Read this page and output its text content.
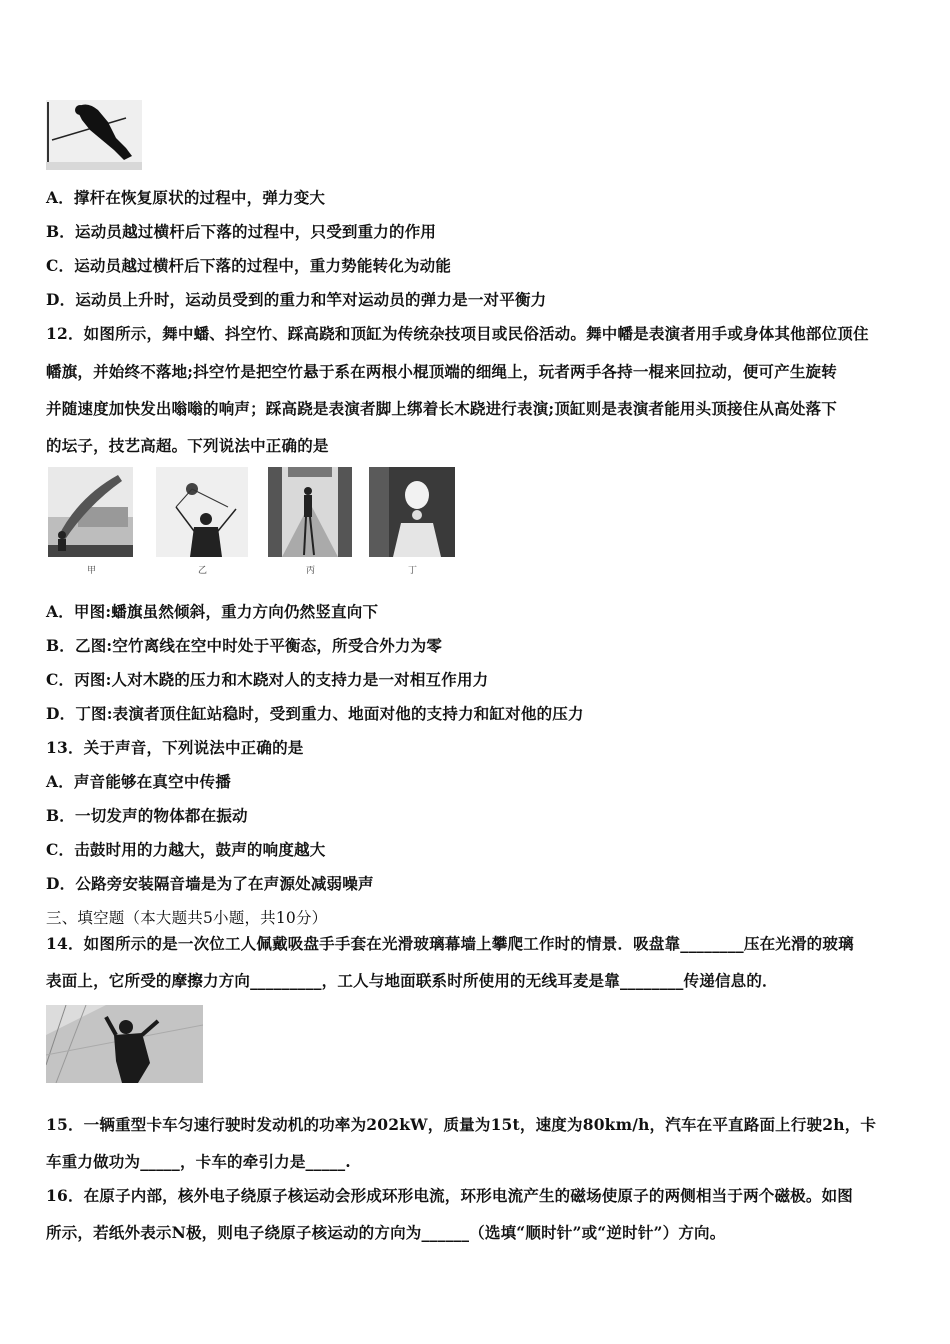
A．撑杆在恢复原状的过程中，弹力变大
B．运动员越过横杆后下落的过程中，只受到重力的作用
C．运动员越过横杆后下落的过程中，重力势能转化为动能
D．运动员上升时，运动员受到的重力和竿对运动员的弹力是一对平衡力
12．如图所示，舞中蟠、抖空竹、踩高跷和顶缸为传统杂技项目或民俗活动。舞中幡是表演者用手或身体其他部位顶住
幡旗，并始终不落地;抖空竹是把空竹悬于系在两根小棍顶端的细绳上，玩者两手各持一棍来回拉动，便可产生旋转
并随速度加快发出嗡嗡的响声；踩高跷是表演者脚上绑着长木跷进行表演;顶缸则是表演者能用头顶接住从高处落下
的坛子，技艺高超。下列说法中正确的是
甲	乙	丙	丁
A．甲图:蟠旗虽然倾斜，重力方向仍然竖直向下
B．乙图:空竹离线在空中时处于平衡态，所受合外力为零
C．丙图:人对木跷的压力和木跷对人的支持力是一对相互作用力
D．丁图:表演者顶住缸站稳时，受到重力、地面对他的支持力和缸对他的压力
13．关于声音，下列说法中正确的是
A．声音能够在真空中传播
B．一切发声的物体都在振动
C．击鼓时用的力越大，鼓声的响度越大
D．公路旁安装隔音墙是为了在声源处减弱噪声
三、填空题（本大题共5小题，共10分）
14．如图所示的是一次位工人佩戴吸盘手手套在光滑玻璃幕墙上攀爬工作时的情景．吸盘靠________压在光滑的玻璃
表面上，它所受的摩擦力方向_________，工人与地面联系时所使用的无线耳麦是靠________传递信息的．
15．一辆重型卡车匀速行驶时发动机的功率为202kW，质量为15t，速度为80km/h，汽车在平直路面上行驶2h，卡
车重力做功为_____，卡车的牵引力是_____.
16．在原子内部，核外电子绕原子核运动会形成环形电流，环形电流产生的磁场使原子的两侧相当于两个磁极。如图
所示，若纸外表示N极，则电子绕原子核运动的方向为______（选填“顺时针”或“逆时针”）方向。
